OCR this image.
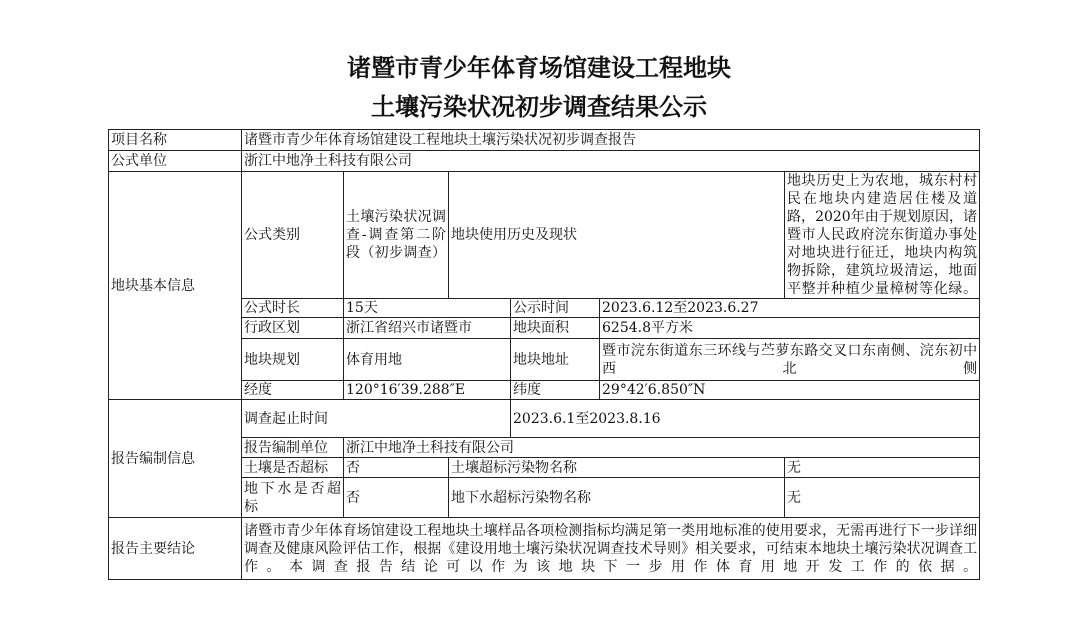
诸暨市青少年体育场馆建设工程地块
土壤污染状况初步调查结果公示
项目名称	诸暨市青少年体育场馆建设工程地块土壤污染状况初步调查报告					
公式单位	浙江中地净土科技有限公司					
地块基本信息	公式类别	土壤污染状况调查-调查第二阶段（初步调查）	地块使用历史及现状			地块历史上为农地，城东村村民在地块内建造居住楼及道路，2020年由于规划原因，诸暨市人民政府浣东街道办事处对地块进行征迁，地块内构筑物拆除，建筑垃圾清运，地面平整并种植少量樟树等化绿。
	公式时长	15天		公示时间	2023.6.12至2023.6.27	
	行政区划	浙江省绍兴市诸暨市		地块面积	6254.8平方米	
	地块规划	体育用地		地块地址	暨市浣东街道东三环线与苎萝东路交叉口东南侧、浣东初中西北侧	
	经度	120°16′39.288″E		纬度	29°42′6.850″N	
报告编制信息	调查起止时间			2023.6.1至2023.8.16		
	报告编制单位	浙江中地净土科技有限公司				
	土壤是否超标	否	土壤超标污染物名称			无
	地下水是否超标	否	地下水超标污染物名称			无
报告主要结论	诸暨市青少年体育场馆建设工程地块土壤样品各项检测指标均满足第一类用地标准的使用要求，无需再进行下一步详细调查及健康风险评估工作，根据《建设用地土壤污染状况调查技术导则》相关要求，可结束本地块土壤污染状况调查工作。本调查报告结论可以作为该地块下一步用作体育用地开发工作的依据。					
